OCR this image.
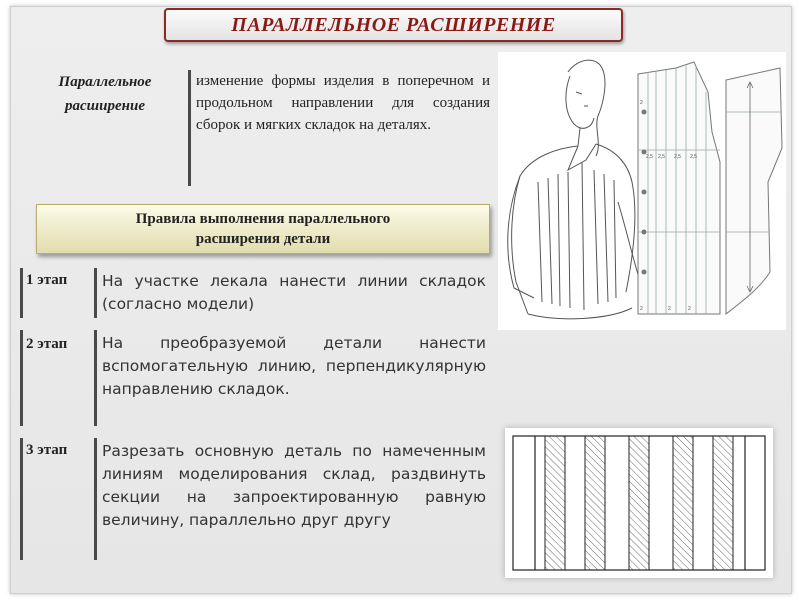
ПАРАЛЛЕЛЬНОЕ РАСШИРЕНИЕ
Параллельное
расширение
изменение формы изделия в поперечном и продольном направлении для создания сборок и мягких складок на деталях.
Правила выполнения параллельного
расширения детали
1 этап	На участке лекала нанести линии складок (согласно модели)
2 этап	На преобразуемой детали нанести вспомогательную линию, перпендикулярную направлению складок.
3 этап	Разрезать основную деталь по намеченным линиям моделирования склад, раздвинуть секции на запроектированную равную величину, параллельно друг другу
2,5 2,5 2,5 2,5
2
2	2	2
